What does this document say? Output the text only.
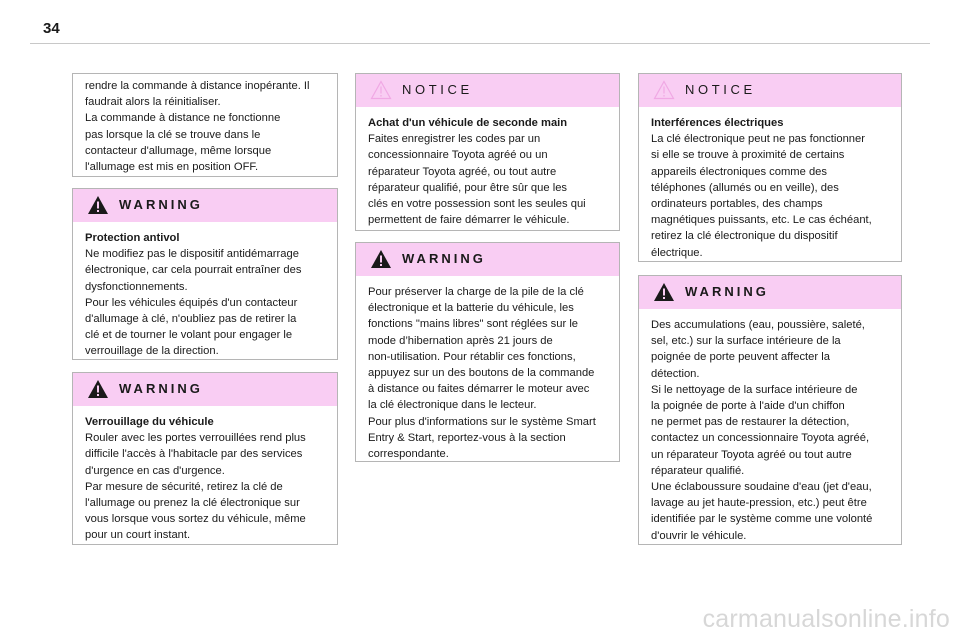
34
rendre la commande à distance inopérante. Il
faudrait alors la réinitialiser.
La commande à distance ne fonctionne
pas lorsque la clé se trouve dans le
contacteur d'allumage, même lorsque
l'allumage est mis en position OFF.
WARNING
Protection antivol
Ne modifiez pas le dispositif antidémarrage
électronique, car cela pourrait entraîner des
dysfonctionnements.
Pour les véhicules équipés d'un contacteur
d'allumage à clé, n'oubliez pas de retirer la
clé et de tourner le volant pour engager le
verrouillage de la direction.
WARNING
Verrouillage du véhicule
Rouler avec les portes verrouillées rend plus
difficile l'accès à l'habitacle par des services
d'urgence en cas d'urgence.
Par mesure de sécurité, retirez la clé de
l'allumage ou prenez la clé électronique sur
vous lorsque vous sortez du véhicule, même
pour un court instant.
NOTICE
Achat d'un véhicule de seconde main
Faites enregistrer les codes par un
concessionnaire Toyota agréé ou un
réparateur Toyota agréé, ou tout autre
réparateur qualifié, pour être sûr que les
clés en votre possession sont les seules qui
permettent de faire démarrer le véhicule.
WARNING
Pour préserver la charge de la pile de la clé
électronique et la batterie du véhicule, les
fonctions "mains libres" sont réglées sur le
mode d’hibernation après 21 jours de
non-utilisation. Pour rétablir ces fonctions,
appuyez sur un des boutons de la commande
à distance ou faites démarrer le moteur avec
la clé électronique dans le lecteur.
Pour plus d'informations sur le système Smart
Entry & Start, reportez-vous à la section
correspondante.
NOTICE
Interférences électriques
La clé électronique peut ne pas fonctionner
si elle se trouve à proximité de certains
appareils électroniques comme des
téléphones (allumés ou en veille), des
ordinateurs portables, des champs
magnétiques puissants, etc. Le cas échéant,
retirez la clé électronique du dispositif
électrique.
WARNING
Des accumulations (eau, poussière, saleté,
sel, etc.) sur la surface intérieure de la
poignée de porte peuvent affecter la
détection.
Si le nettoyage de la surface intérieure de
la poignée de porte à l'aide d'un chiffon
ne permet pas de restaurer la détection,
contactez un concessionnaire Toyota agréé,
un réparateur Toyota agréé ou tout autre
réparateur qualifié.
Une éclaboussure soudaine d'eau (jet d'eau,
lavage au jet haute-pression, etc.) peut être
identifiée par le système comme une volonté
d'ouvrir le véhicule.
carmanualsonline.info
